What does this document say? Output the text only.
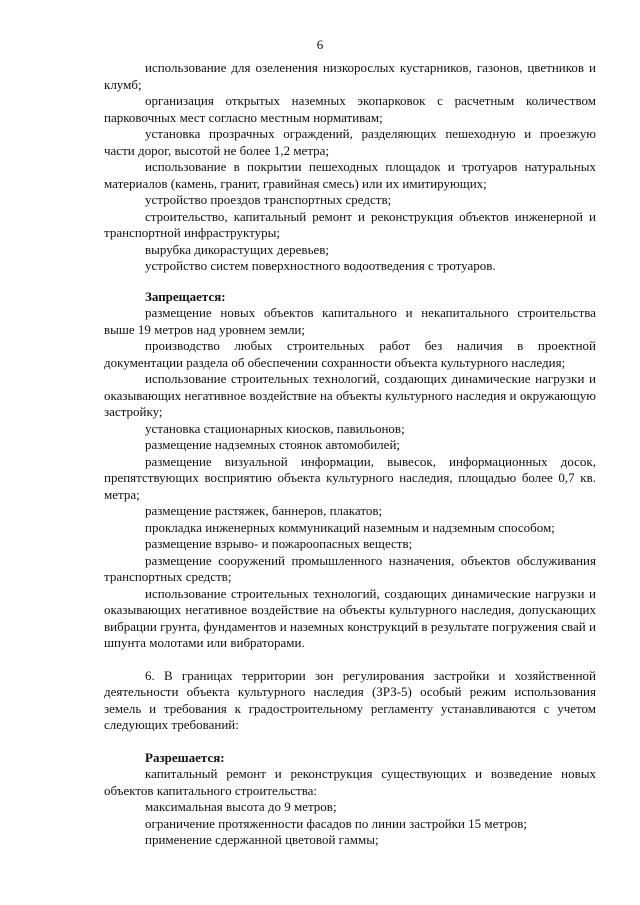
6

использование для озеленения низкорослых кустарников, газонов, цветников и клумб;

организация открытых наземных экопарковок с расчетным количеством парковочных мест согласно местным нормативам;

установка прозрачных ограждений, разделяющих пешеходную и проезжую части дорог, высотой не более 1,2 метра;

использование в покрытии пешеходных площадок и тротуаров натуральных материалов (камень, гранит, гравийная смесь) или их имитирующих;

устройство проездов транспортных средств;

строительство, капитальный ремонт и реконструкция объектов инженерной и транспортной инфраструктуры;

вырубка дикорастущих деревьев;

устройство систем поверхностного водоотведения с тротуаров.

Запрещается:

размещение новых объектов капитального и некапитального строительства выше 19 метров над уровнем земли;

производство любых строительных работ без наличия в проектной документации раздела об обеспечении сохранности объекта культурного наследия;

использование строительных технологий, создающих динамические нагрузки и оказывающих негативное воздействие на объекты культурного наследия и окружающую застройку;

установка стационарных киосков, павильонов;

размещение надземных стоянок автомобилей;

размещение визуальной информации, вывесок, информационных досок, препятствующих восприятию объекта культурного наследия, площадью более 0,7 кв. метра;

размещение растяжек, баннеров, плакатов;

прокладка инженерных коммуникаций наземным и надземным способом;

размещение взрыво- и пожароопасных веществ;

размещение сооружений промышленного назначения, объектов обслуживания транспортных средств;

использование строительных технологий, создающих динамические нагрузки и оказывающих негативное воздействие на объекты культурного наследия, допускающих вибрации грунта, фундаментов и наземных конструкций в результате погружения свай и шпунта молотами или вибраторами.

6. В границах территории зон регулирования застройки и хозяйственной деятельности объекта культурного наследия (ЗРЗ-5) особый режим использования земель и требования к градостроительному регламенту устанавливаются с учетом следующих требований:

Разрешается:

капитальный ремонт и реконструкция существующих и возведение новых объектов капитального строительства:

максимальная высота до 9 метров;

ограничение протяженности фасадов по линии застройки 15 метров;

применение сдержанной цветовой гаммы;
